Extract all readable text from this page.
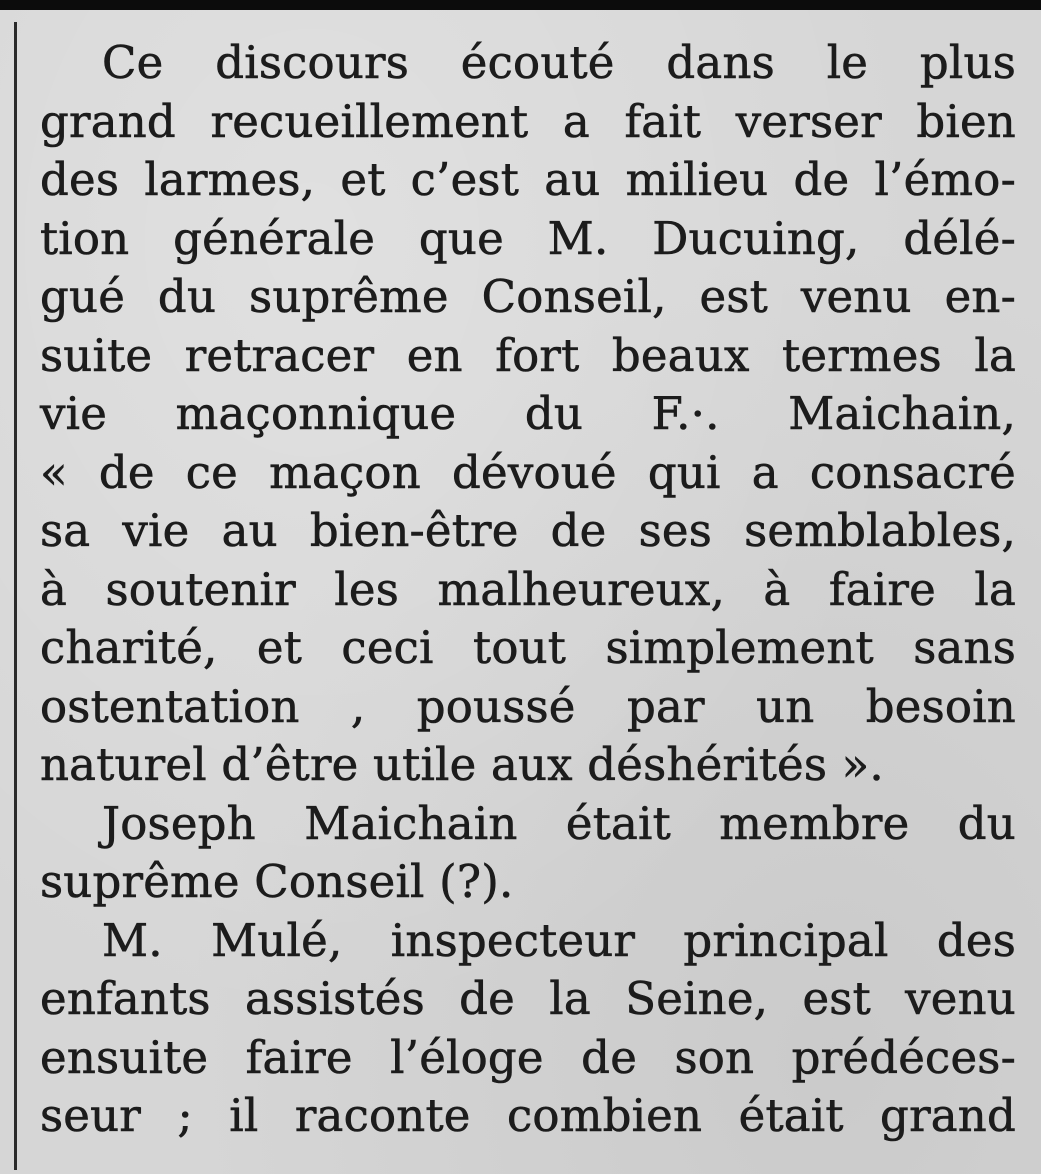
Ce discours écouté dans le plus
grand recueillement a fait verser bien
des larmes, et c’est au milieu de l’émo-
tion générale que M. Ducuing, délé-
gué du suprême Conseil, est venu en-
suite retracer en fort beaux termes la
vie maçonnique du F.·. Maichain,
« de ce maçon dévoué qui a consacré
sa vie au bien-être de ses semblables,
à soutenir les malheureux, à faire la
charité, et ceci tout simplement sans
ostentation , poussé par un besoin
naturel d’être utile aux déshérités ».
Joseph Maichain était membre du
suprême Conseil (?).
M. Mulé, inspecteur principal des
enfants assistés de la Seine, est venu
ensuite faire l’éloge de son prédéces-
seur ; il raconte combien était grand
